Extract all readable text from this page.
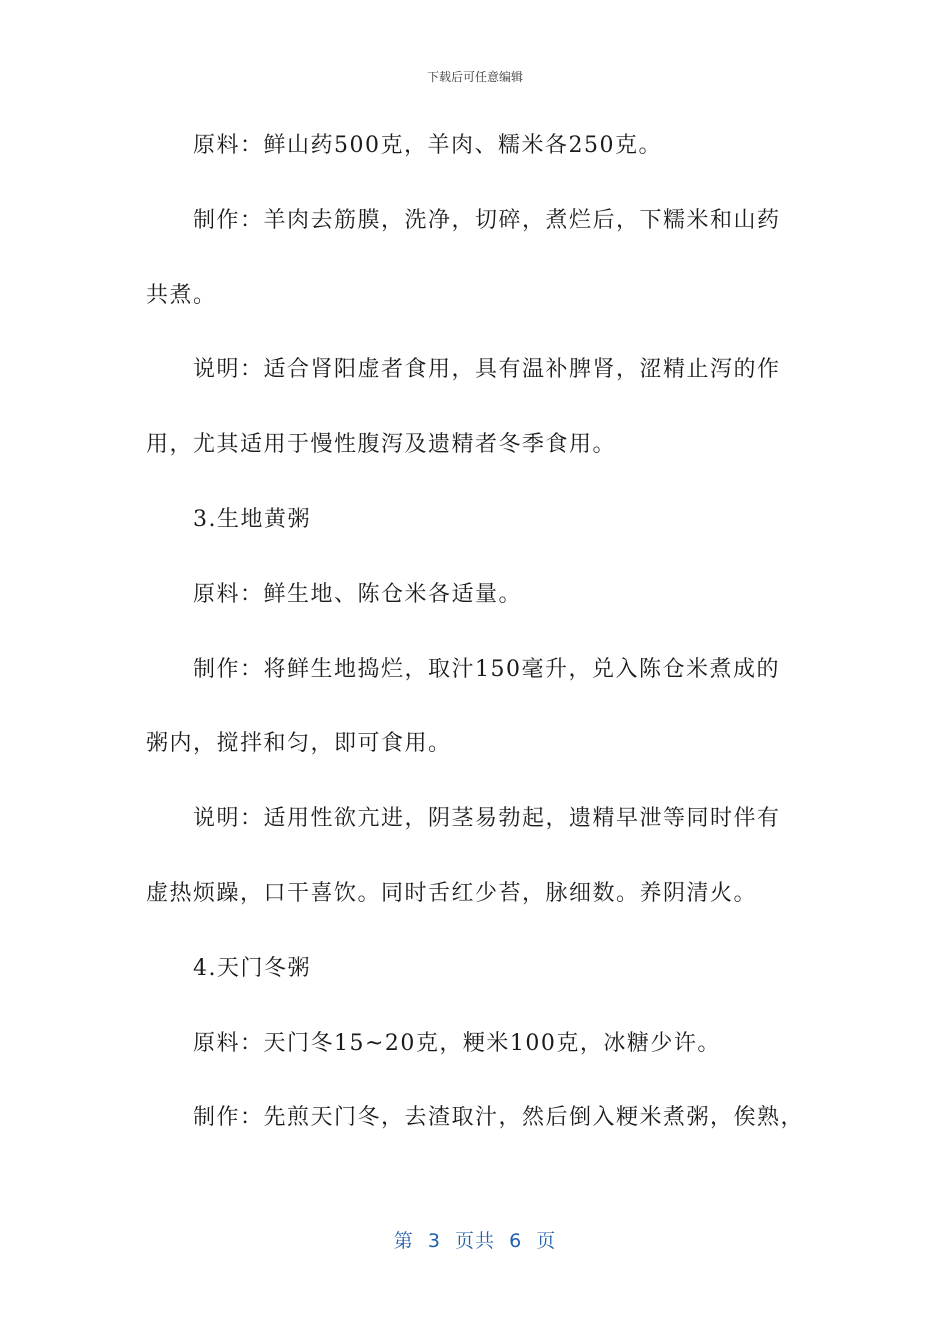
下载后可任意编辑
原料：鲜山药500克，羊肉、糯米各250克。
制作：羊肉去筋膜，洗净，切碎，煮烂后，下糯米和山药
共煮。
说明：适合肾阳虚者食用，具有温补脾肾，涩精止泻的作
用，尤其适用于慢性腹泻及遗精者冬季食用。
3.生地黄粥
原料：鲜生地、陈仓米各适量。
制作：将鲜生地捣烂，取汁150毫升，兑入陈仓米煮成的
粥内，搅拌和匀，即可食用。
说明：适用性欲亢进，阴茎易勃起，遗精早泄等同时伴有
虚热烦躁，口干喜饮。同时舌红少苔，脉细数。养阴清火。
4.天门冬粥
原料：天门冬15~20克，粳米100克，冰糖少许。
制作：先煎天门冬，去渣取汁，然后倒入粳米煮粥，俟熟，
第  3  页共  6  页
